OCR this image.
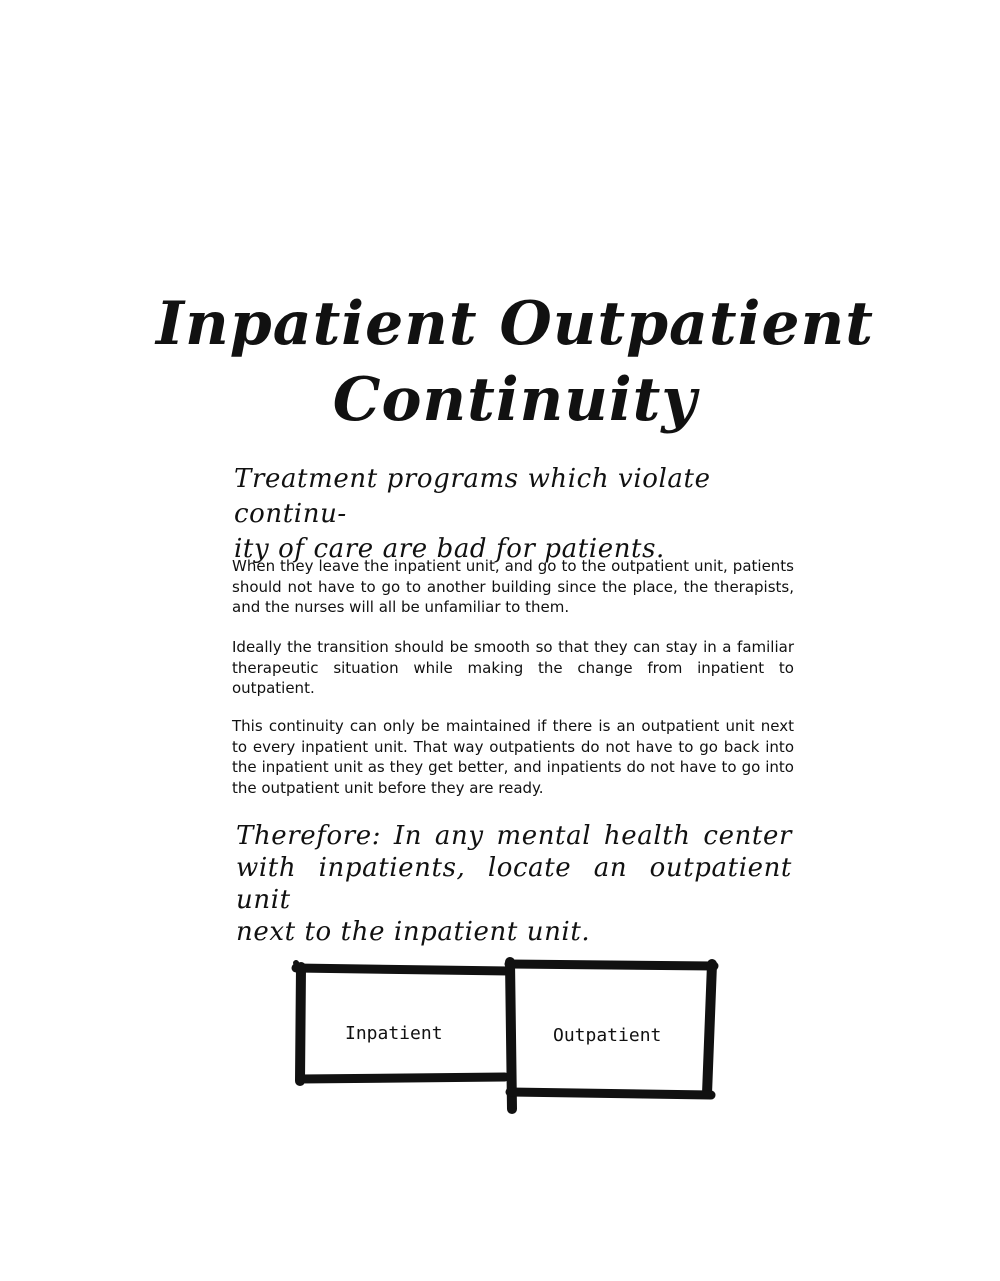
Inpatient Outpatient
Continuity

Treatment programs which violate continu-
ity of care are bad for patients.

When they leave the inpatient unit, and go to the outpatient unit, patients should not have to go to another building since the place, the therapists, and the nurses will all be unfamiliar to them.

Ideally the transition should be smooth so that they can stay in a familiar therapeutic situation while making the change from inpatient to outpatient.

This continuity can only be maintained if there is an outpatient unit next to every inpatient unit. That way outpatients do not have to go back into the inpatient unit as they get better, and inpatients do not have to go into the outpatient unit before they are ready.

Therefore: In any mental health center
with inpatients, locate an outpatient unit
next to the inpatient unit.

Inpatient	Outpatient
